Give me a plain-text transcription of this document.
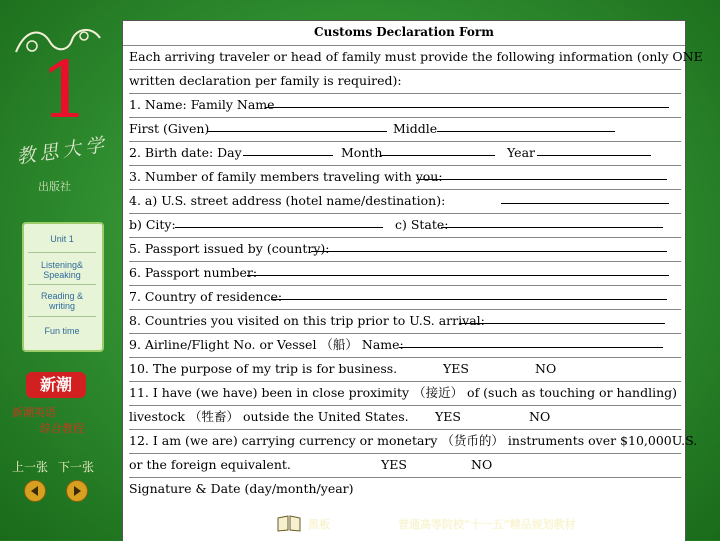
1
教思大学
出版社
Unit 1
Listening& Speaking
Reading & writing
Fun time
新潮
新潮英语
综合教程
上一张 下一张
Customs Declaration Form
Each arriving traveler or head of family must provide the following information (only ONE
written declaration per family is required):
1. Name: Family Name
First (Given)	Middle
2. Birth date: Day	Month	Year
3. Number of family members traveling with you:
4. a) U.S. street address (hotel name/destination):
b) City:	c) State:
5. Passport issued by (country):
6. Passport number:
7. Country of residence:
8. Countries you visited on this trip prior to U.S. arrival:
9. Airline/Flight No. or Vessel （船） Name:
10. The purpose of my trip is for business.	YES	NO
11. I have (we have) been in close proximity （接近） of (such as touching or handling)
livestock （牲畜） outside the United States. YES	NO
12. I am (we are) carrying currency or monetary （货币的） instruments over $10,000U.S.
or the foreign equivalent.	YES	NO
Signature & Date (day/month/year)
黑板	普通高等院校“十一五”精品规划教材
